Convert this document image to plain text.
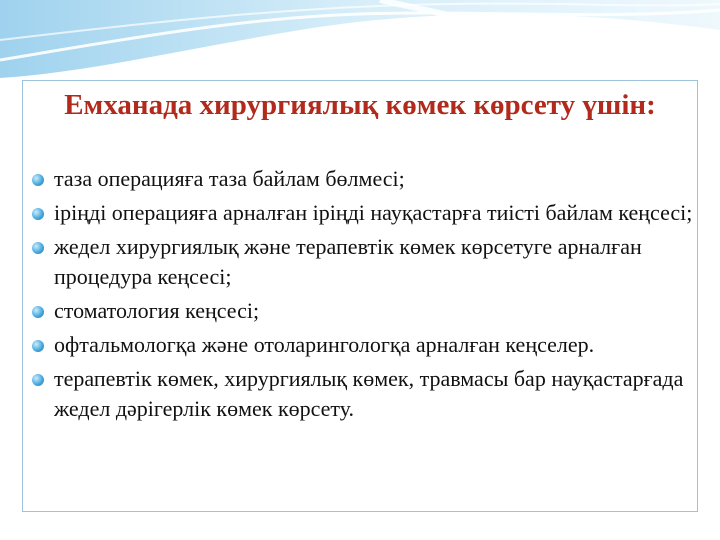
Емханада хирургиялық көмек көрсету үшін:
таза операцияға таза байлам бөлмесі;
іріңді операцияға арналған іріңді науқастарға тиісті байлам кеңсесі;
жедел хирургиялық және терапевтік көмек көрсетуге арналған процедура кеңсесі;
стоматология кеңсесі;
офтальмологқа және отоларингологқа арналған кеңселер.
терапевтік көмек, хирургиялық көмек, травмасы бар науқастарғада жедел дәрігерлік көмек көрсету.
